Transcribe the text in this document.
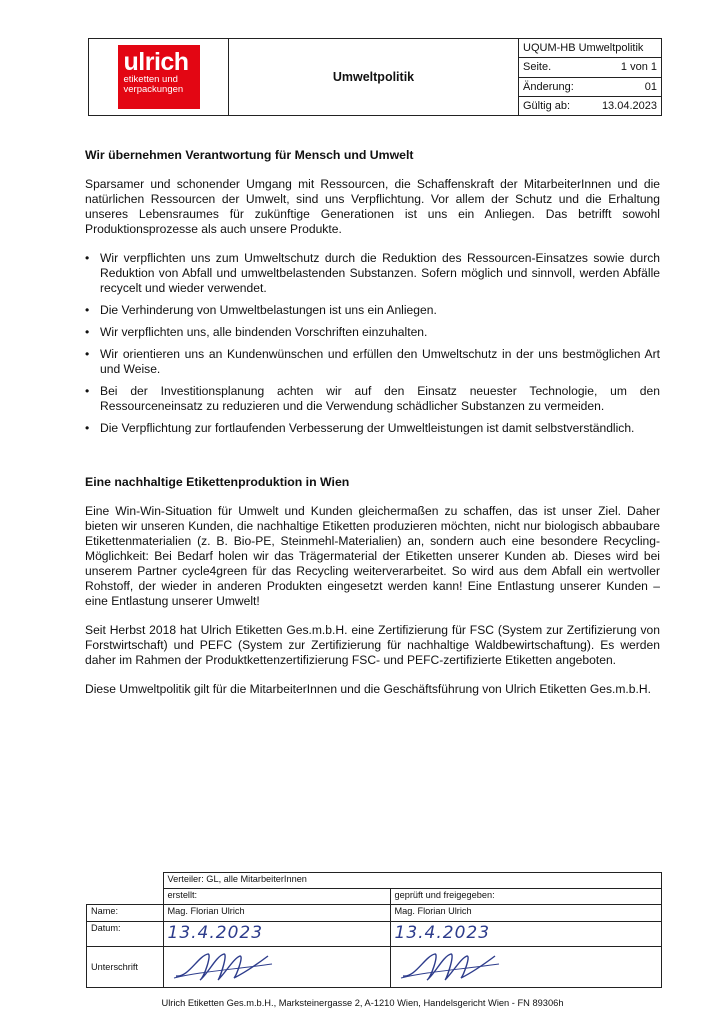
ulrich
etiketten und
verpackungen
Umweltpolitik
UQUM-HB Umweltpolitik
Seite.	1 von 1
Änderung:	01
Gültig ab:	13.04.2023
Wir übernehmen Verantwortung für Mensch und Umwelt
Sparsamer und schonender Umgang mit Ressourcen, die Schaffenskraft der MitarbeiterInnen und die natürlichen Ressourcen der Umwelt, sind uns Verpflichtung. Vor allem der Schutz und die Erhaltung unseres Lebensraumes für zukünftige Generationen ist uns ein Anliegen. Das betrifft sowohl Produktionsprozesse als auch unsere Produkte.
• Wir verpflichten uns zum Umweltschutz durch die Reduktion des Ressourcen-Einsatzes sowie durch Reduktion von Abfall und umweltbelastenden Substanzen. Sofern möglich und sinnvoll, werden Abfälle recycelt und wieder verwendet.
• Die Verhinderung von Umweltbelastungen ist uns ein Anliegen.
• Wir verpflichten uns, alle bindenden Vorschriften einzuhalten.
• Wir orientieren uns an Kundenwünschen und erfüllen den Umweltschutz in der uns bestmöglichen Art und Weise.
• Bei der Investitionsplanung achten wir auf den Einsatz neuester Technologie, um den Ressourceneinsatz zu reduzieren und die Verwendung schädlicher Substanzen zu vermeiden.
• Die Verpflichtung zur fortlaufenden Verbesserung der Umweltleistungen ist damit selbstverständlich.
Eine nachhaltige Etikettenproduktion in Wien
Eine Win-Win-Situation für Umwelt und Kunden gleichermaßen zu schaffen, das ist unser Ziel. Daher bieten wir unseren Kunden, die nachhaltige Etiketten produzieren möchten, nicht nur biologisch abbaubare Etikettenmaterialien (z. B. Bio-PE, Steinmehl-Materialien) an, sondern auch eine besondere Recycling-Möglichkeit: Bei Bedarf holen wir das Trägermaterial der Etiketten unserer Kunden ab. Dieses wird bei unserem Partner cycle4green für das Recycling weiterverarbeitet. So wird aus dem Abfall ein wertvoller Rohstoff, der wieder in anderen Produkten eingesetzt werden kann! Eine Entlastung unserer Kunden – eine Entlastung unserer Umwelt!
Seit Herbst 2018 hat Ulrich Etiketten Ges.m.b.H. eine Zertifizierung für FSC (System zur Zertifizierung von Forstwirtschaft) und PEFC (System zur Zertifizierung für nachhaltige Waldbewirtschaftung). Es werden daher im Rahmen der Produktkettenzertifizierung FSC- und PEFC-zertifizierte Etiketten angeboten.
Diese Umweltpolitik gilt für die MitarbeiterInnen und die Geschäftsführung von Ulrich Etiketten Ges.m.b.H.
	Verteiler: GL, alle MitarbeiterInnen	
	erstellt:	geprüft und freigegeben:
Name:	Mag. Florian Ulrich	Mag. Florian Ulrich
Datum:	13.4.2023	13.4.2023
Unterschrift		
Ulrich Etiketten Ges.m.b.H., Marksteinergasse 2, A-1210 Wien, Handelsgericht Wien - FN 89306h
